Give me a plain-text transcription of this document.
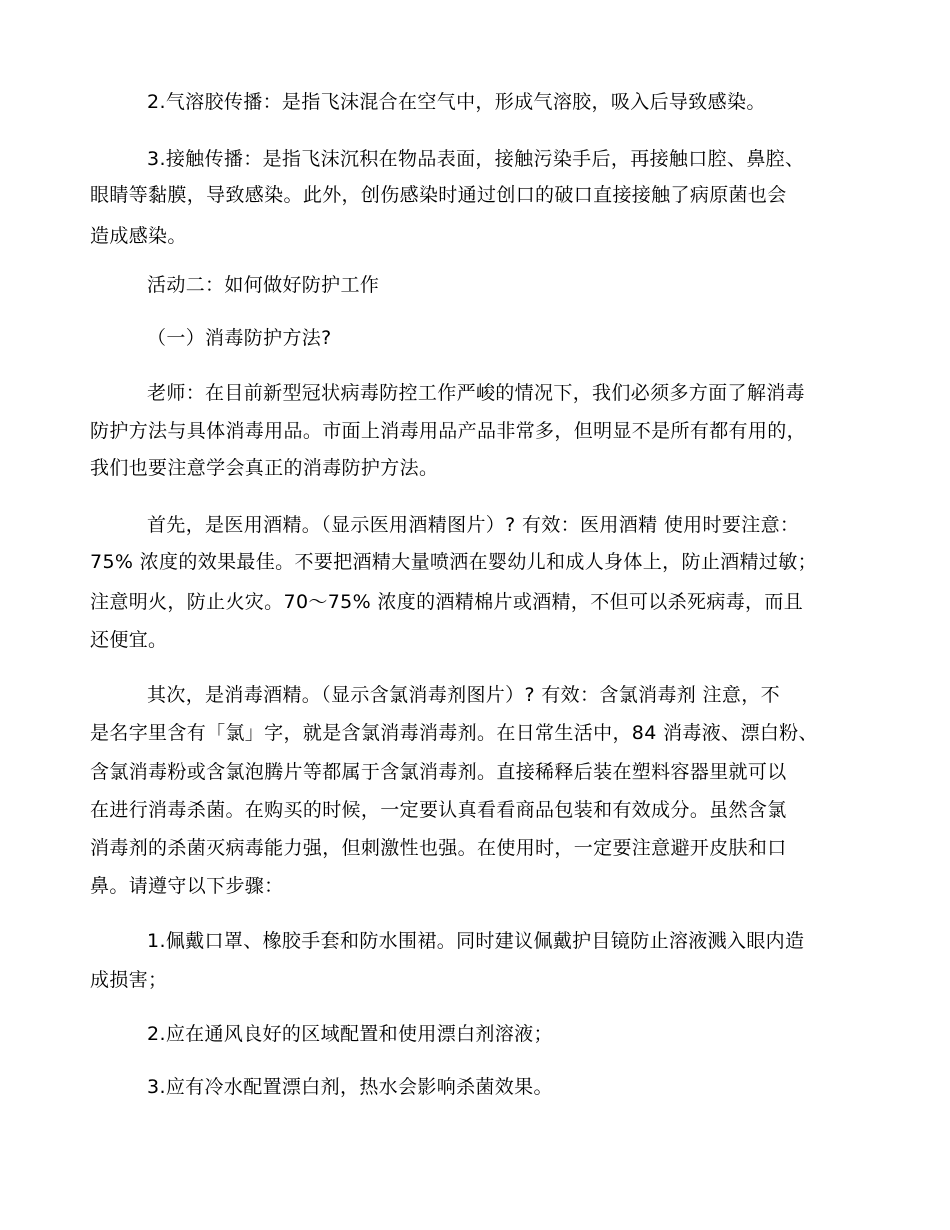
2.气溶胶传播：是指飞沫混合在空气中，形成气溶胶，吸入后导致感染。
3.接触传播：是指飞沫沉积在物品表面，接触污染手后，再接触口腔、鼻腔、
眼睛等黏膜，导致感染。此外，创伤感染时通过创口的破口直接接触了病原菌也会
造成感染。
活动二：如何做好防护工作
（一）消毒防护方法?
老师：在目前新型冠状病毒防控工作严峻的情况下，我们必须多方面了解消毒
防护方法与具体消毒用品。市面上消毒用品产品非常多，但明显不是所有都有用的，
我们也要注意学会真正的消毒防护方法。
首先，是医用酒精。（显示医用酒精图片）? 有效：医用酒精 使用时要注意：
75% 浓度的效果最佳。不要把酒精大量喷洒在婴幼儿和成人身体上，防止酒精过敏；
注意明火，防止火灾。70～75% 浓度的酒精棉片或酒精，不但可以杀死病毒，而且
还便宜。
其次，是消毒酒精。（显示含氯消毒剂图片）? 有效：含氯消毒剂 注意，不
是名字里含有「氯」字，就是含氯消毒消毒剂。在日常生活中，84 消毒液、漂白粉、
含氯消毒粉或含氯泡腾片等都属于含氯消毒剂。直接稀释后装在塑料容器里就可以
在进行消毒杀菌。在购买的时候，一定要认真看看商品包装和有效成分。虽然含氯
消毒剂的杀菌灭病毒能力强，但刺激性也强。在使用时，一定要注意避开皮肤和口
鼻。请遵守以下步骤：
1.佩戴口罩、橡胶手套和防水围裙。同时建议佩戴护目镜防止溶液溅入眼内造
成损害；
2.应在通风良好的区域配置和使用漂白剂溶液；
3.应有冷水配置漂白剂，热水会影响杀菌效果。
